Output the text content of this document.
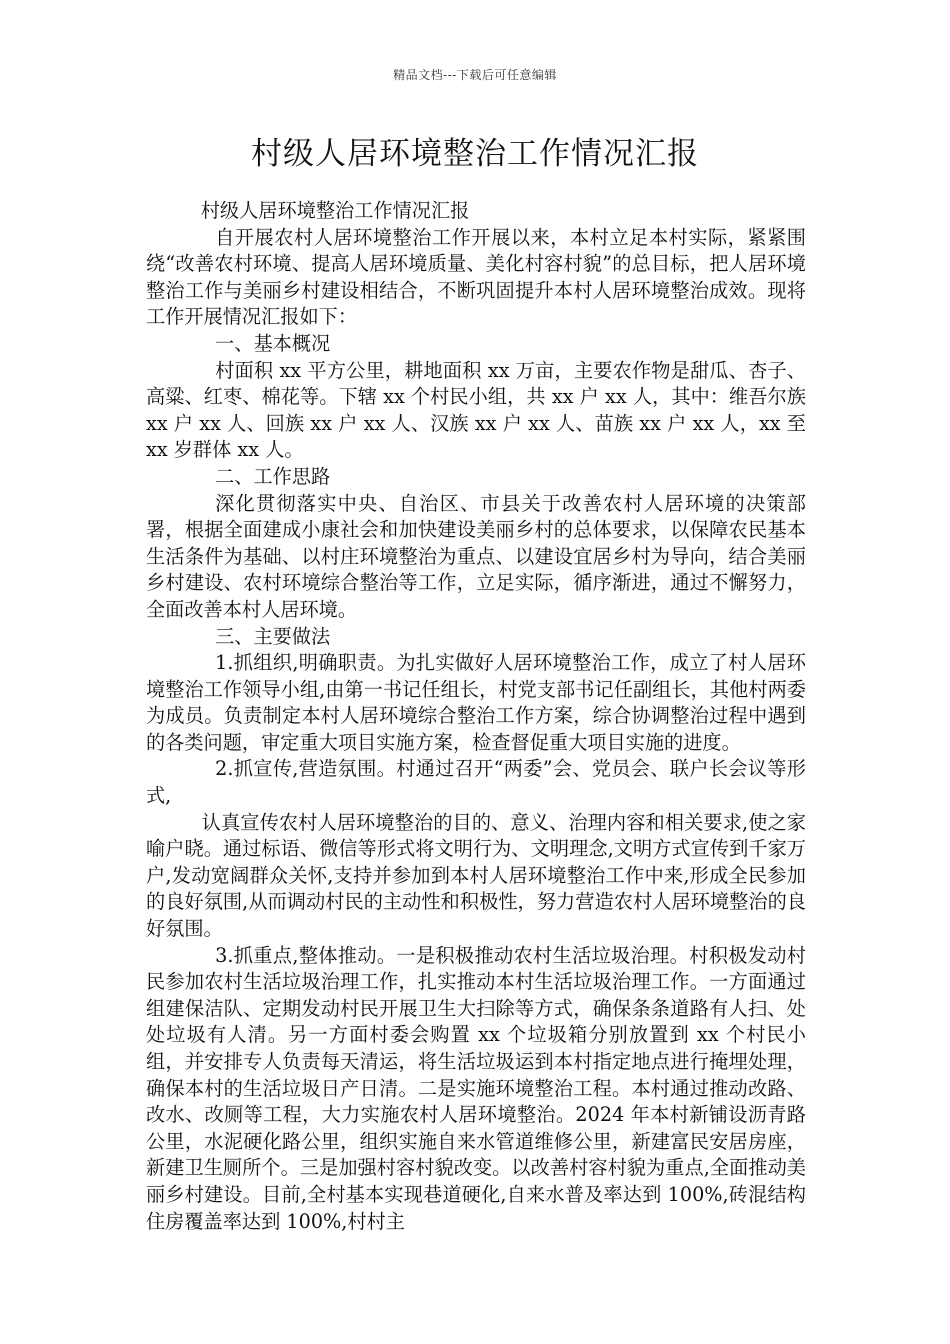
精品文档---下载后可任意编辑
村级人居环境整治工作情况汇报

村级人居环境整治工作情况汇报

自开展农村人居环境整治工作开展以来，本村立足本村实际，紧紧围绕“改善农村环境、提高人居环境质量、美化村容村貌”的总目标，把人居环境整治工作与美丽乡村建设相结合，不断巩固提升本村人居环境整治成效。现将工作开展情况汇报如下：

一、基本概况

村面积 xx 平方公里，耕地面积 xx 万亩，主要农作物是甜瓜、杏子、高粱、红枣、棉花等。下辖 xx 个村民小组，共 xx 户 xx 人，其中：维吾尔族 xx 户 xx 人、回族 xx 户 xx 人、汉族 xx 户 xx 人、苗族 xx 户 xx 人，xx 至 xx 岁群体 xx 人。

二、工作思路

深化贯彻落实中央、自治区、市县关于改善农村人居环境的决策部署，根据全面建成小康社会和加快建设美丽乡村的总体要求，以保障农民基本生活条件为基础、以村庄环境整治为重点、以建设宜居乡村为导向，结合美丽乡村建设、农村环境综合整治等工作，立足实际，循序渐进，通过不懈努力，全面改善本村人居环境。

三、主要做法

1.抓组织,明确职责。为扎实做好人居环境整治工作，成立了村人居环境整治工作领导小组,由第一书记任组长，村党支部书记任副组长，其他村两委为成员。负责制定本村人居环境综合整治工作方案，综合协调整治过程中遇到的各类问题，审定重大项目实施方案，检查督促重大项目实施的进度。

2.抓宣传,营造氛围。村通过召开“两委”会、党员会、联户长会议等形式,

认真宣传农村人居环境整治的目的、意义、治理内容和相关要求,使之家喻户晓。通过标语、微信等形式将文明行为、文明理念,文明方式宣传到千家万户,发动宽阔群众关怀,支持并参加到本村人居环境整治工作中来,形成全民参加的良好氛围,从而调动村民的主动性和积极性，努力营造农村人居环境整治的良好氛围。

3.抓重点,整体推动。一是积极推动农村生活垃圾治理。村积极发动村民参加农村生活垃圾治理工作，扎实推动本村生活垃圾治理工作。一方面通过组建保洁队、定期发动村民开展卫生大扫除等方式，确保条条道路有人扫、处处垃圾有人清。另一方面村委会购置 xx 个垃圾箱分别放置到 xx 个村民小组，并安排专人负责每天清运，将生活垃圾运到本村指定地点进行掩埋处理，确保本村的生活垃圾日产日清。二是实施环境整治工程。本村通过推动改路、改水、改厕等工程，大力实施农村人居环境整治。2024 年本村新铺设沥青路公里，水泥硬化路公里，组织实施自来水管道维修公里，新建富民安居房座，新建卫生厕所个。三是加强村容村貌改变。以改善村容村貌为重点,全面推动美丽乡村建设。目前,全村基本实现巷道硬化,自来水普及率达到 100%,砖混结构住房覆盖率达到 100%,村村主
